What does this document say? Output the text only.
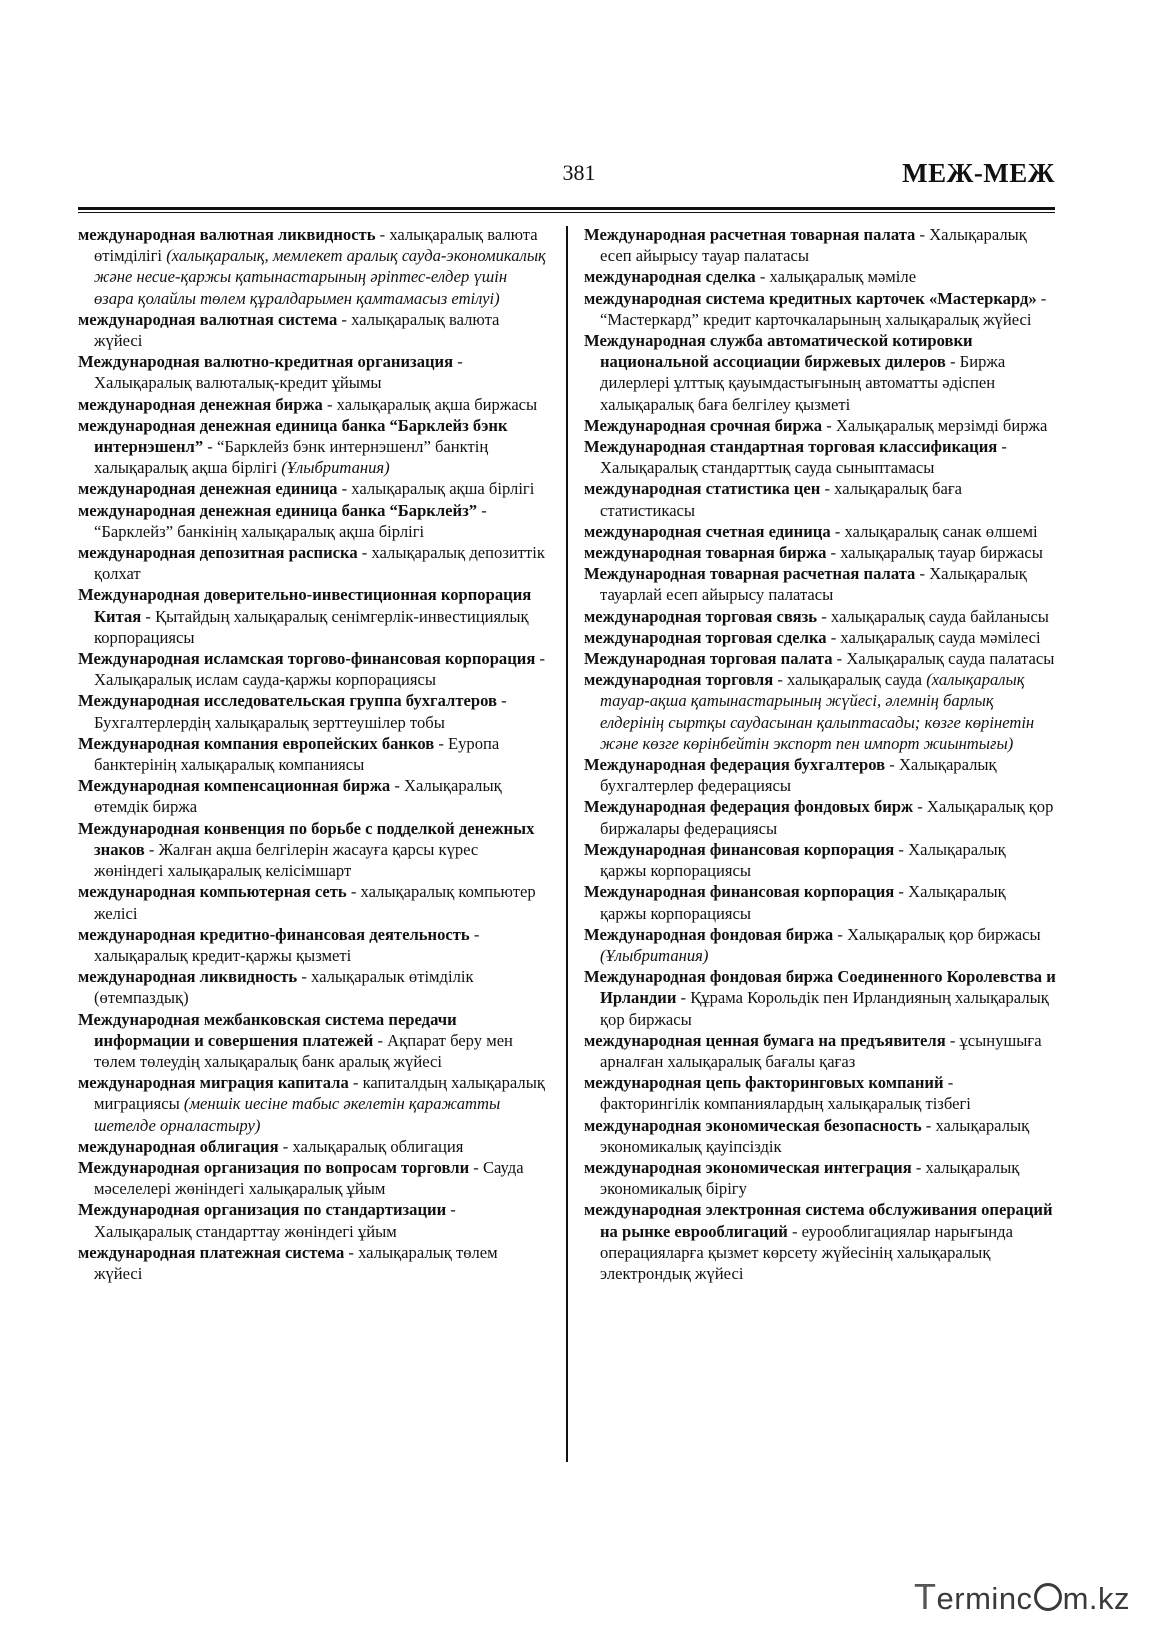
381	МЕЖ-МЕЖ
международная валютная ликвидность - халықаралық валюта өтімділігі (халықаралық, мемлекет аралық сауда-экономикалық және несие-қаржы қатынастарының әріптес-елдер үшін өзара қолайлы төлем құралдарымен қамтамасыз етілуі)
международная валютная система - халықаралық валюта жүйесі
Международная валютно-кредитная организация - Халықаралық валюталық-кредит ұйымы
международная денежная биржа - халықаралық ақша биржасы
международная денежная единица банка “Барклейз бэнк интернэшенл” - “Барклейз бэнк интернэшенл” банктің халықаралық ақша бірлігі (Ұлыбритания)
международная денежная единица - халықаралық ақша бірлігі
международная денежная единица банка “Барклейз” - “Барклейз” банкінің халықаралық ақша бірлігі
международная депозитная расписка - халықаралық депозиттік қолхат
Международная доверительно-инвестиционная корпорация Китая - Қытайдың халықаралық сенімгерлік-инвестициялық корпорациясы
Международная исламская торгово-финансовая корпорация - Халықаралық ислам сауда-қаржы корпорациясы
Международная исследовательская группа бухгалтеров - Бухгалтерлердің халықаралық зерттеушілер тобы
Международная компания европейских банков - Еуропа банктерінің халықаралық компаниясы
Международная компенсационная биржа - Халықаралық өтемдік биржа
Международная конвенция по борьбе с подделкой денежных знаков - Жалған ақша белгілерін жасауға қарсы күрес жөніндегі халықаралық келісімшарт
международная компьютерная сеть - халықаралық компьютер желісі
международная кредитно-финансовая деятельность - халықаралық кредит-қаржы қызметі
международная ликвидность - халықаралык өтімділік (өтемпаздық)
Международная межбанковская система передачи информации и совершения платежей - Ақпарат беру мен төлем төлеудің халықаралық банк аралық жүйесі
международная миграция капитала - капиталдың халықаралық миграциясы (меншік иесіне табыс әкелетін қаражатты шетелде орналастыру)
международная облигация - халықаралық облигация
Международная организация по вопросам торговли - Сауда мәселелері жөніндегі халықаралық ұйым
Международная организация по стандартизации - Халықаралық стандарттау жөніндегі ұйым
международная платежная система - халықаралық төлем жүйесі
Международная расчетная товарная палата - Халықаралық есеп айырысу тауар палатасы
международная сделка - халықаралық мәміле
международная система кредитных карточек «Мастеркард» - “Мастеркард” кредит карточкаларының халықаралық жүйесі
Международная служба автоматической котировки национальной ассоциации биржевых дилеров - Биржа дилерлері ұлттық қауымдастығының автоматты әдіспен халықаралық баға белгілеу қызметі
Международная срочная биржа - Халықаралық мерзімді биржа
Международная стандартная торговая классификация - Халықаралық стандарттық сауда сыныптамасы
международная статистика цен - халықаралық баға статистикасы
международная счетная единица - халықаралық санак өлшемі
международная товарная биржа - халықаралық тауар биржасы
Международная товарная расчетная палата - Халықаралық тауарлай есеп айырысу палатасы
международная торговая связь - халықаралық сауда байланысы
международная торговая сделка - халықаралық сауда мәмілесі
Международная торговая палата - Халықаралық сауда палатасы
международная торговля - халықаралық сауда (халықаралық тауар-ақша қатынастарының жүйесі, әлемнің барлық елдерінің сыртқы саудасынан қалыптасады; көзге көрінетін және көзге көрінбейтін экспорт пен импорт жиынтығы)
Международная федерация бухгалтеров - Халықаралық бухгалтерлер федерациясы
Международная федерация фондовых бирж - Халықаралық қор биржалары федерациясы
Международная финансовая корпорация - Халықаралық қаржы корпорациясы
Международная финансовая корпорация - Халықаралық қаржы корпорациясы
Международная фондовая биржа - Халықаралық қор биржасы (Ұлыбритания)
Международная фондовая биржа Соединенного Королевства и Ирландии - Құрама Корольдік пен Ирландияның халықаралық қор биржасы
международная ценная бумага на предъявителя - ұсынушыға арналған халықаралық бағалы қағаз
международная цепь факторинговых компаний - факторингілік компаниялардың халықаралық тізбегі
международная экономическая безопасность - халықаралық экономикалық қауіпсіздік
международная экономическая интеграция - халықаралық экономикалық бірігу
международная электронная система обслуживания операций на рынке еврооблигаций - еурооблигациялар нарығында операцияларға қызмет көрсету жүйесінің халықаралық электрондық жүйесі
Terminc m.kz
